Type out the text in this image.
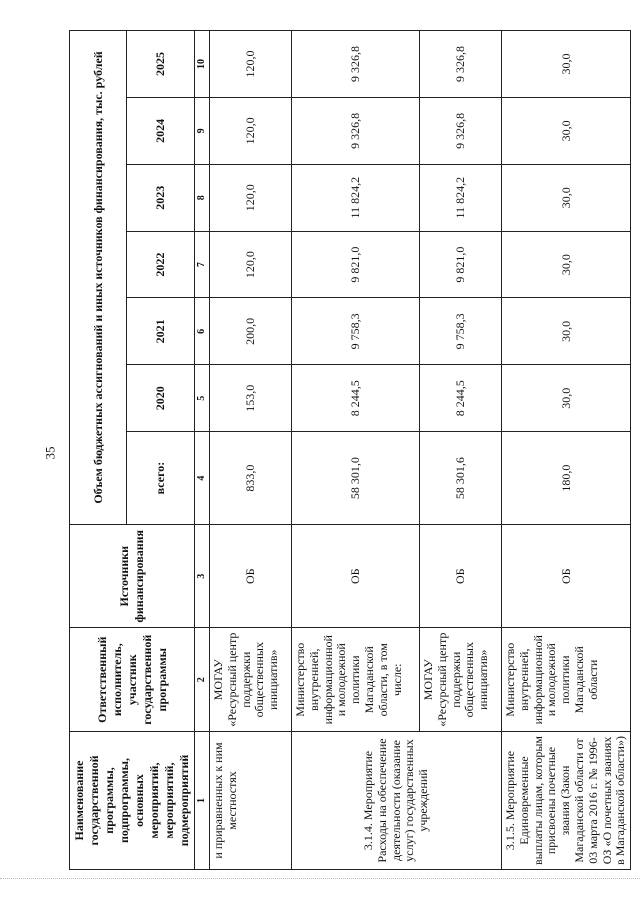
35
Наименование государственной программы, подпрограммы, основных мероприятий, мероприятий, подмероприятий	Ответственный исполнитель, участник государственной программы	Источники финансирования	Объем бюджетных ассигнований и иных источников финансирования, тыс. рублей						
			всего:	2020	2021	2022	2023	2024	2025
1	2	3	4	5	6	7	8	9	10
и приравненных к ним местностях	МОГАУ «Ресурсный центр поддержки общественных инициатив»	ОБ	833,0	153,0	200,0	120,0	120,0	120,0	120,0
3.1.4. Мероприятие Расходы на обеспечение деятельности (оказание услуг) государственных учреждений	Министерство внутренней, информационной и молодежной политики Магаданской области, в том числе:	ОБ	58 301,0	8 244,5	9 758,3	9 821,0	11 824,2	9 326,8	9 326,8
	МОГАУ «Ресурсный центр поддержки общественных инициатив»	ОБ	58 301,6	8 244,5	9 758,3	9 821,0	11 824,2	9 326,8	9 326,8
3.1.5. Мероприятие Единовременные выплаты лицам, которым присвоены почетные звания (Закон Магаданской области от 03 марта 2016 г. № 1996-ОЗ «О почетных званиях в Магаданской области»)	Министерство внутренней, информационной и молодежной политики Магаданской области	ОБ	180,0	30,0	30,0	30,0	30,0	30,0	30,0
